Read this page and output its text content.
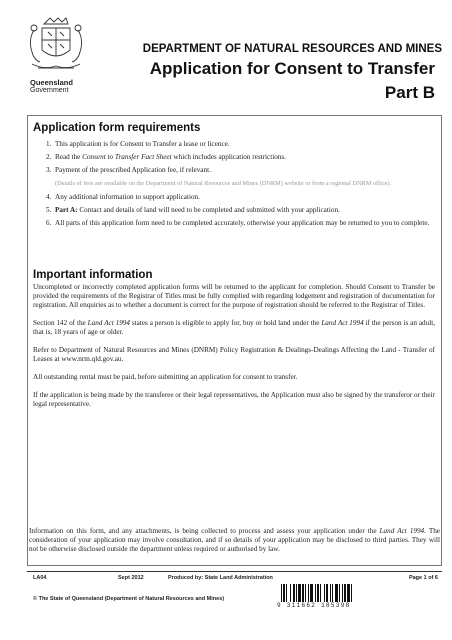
Queensland
Government
DEPARTMENT OF NATURAL RESOURCES AND MINES
Application for Consent to Transfer
Part B
Application form requirements
1. This application is for Consent to Transfer a lease or licence.
2. Read the Consent to Transfer Fact Sheet which includes application restrictions.
3. Payment of the prescribed Application fee, if relevant.
(Details of fees are available on the Department of Natural Resources and Mines (DNRM) website or from a regional DNRM office).
4. Any additional information to support application.
5. Part A: Contact and details of land will need to be completed and submitted with your application.
6. All parts of this application form need to be completed accurately, otherwise your application may be returned to you to complete.
Important information

Uncompleted or incorrectly completed application forms will be returned to the applicant for completion. Should Consent to Transfer be provided the requirements of the Registrar of Titles must be fully complied with regarding lodgement and registration of documentation for registration. All enquiries as to whether a document is correct for the purpose of registration should be referred to the Registrar of Titles.

Section 142 of the Land Act 1994 states a person is eligible to apply for, buy or hold land under the Land Act 1994 if the person is an adult, that is, 18 years of age or older.

Refer to Department of Natural Resources and Mines (DNRM) Policy Registration & Dealings-Dealings Affecting the Land - Transfer of Leases at www.nrm.qld.gov.au.

All outstanding rental must be paid, before submitting an application for consent to transfer.

If the application is being made by the transferee or their legal representatives, the Application must also be signed by the transferor or their legal representative.

Information on this form, and any attachments, is being collected to process and assess your application under the Land Act 1994. The consideration of your application may involve consultation, and if so details of your application may be disclosed to third parties. They will not be otherwise disclosed outside the department unless required or authorised by law.
LA04	Sept 2012	Produced by: State Land Administration	Page 1 of 6
© The State of Queensland (Department of Natural Resources and Mines)
9 311662 185398
